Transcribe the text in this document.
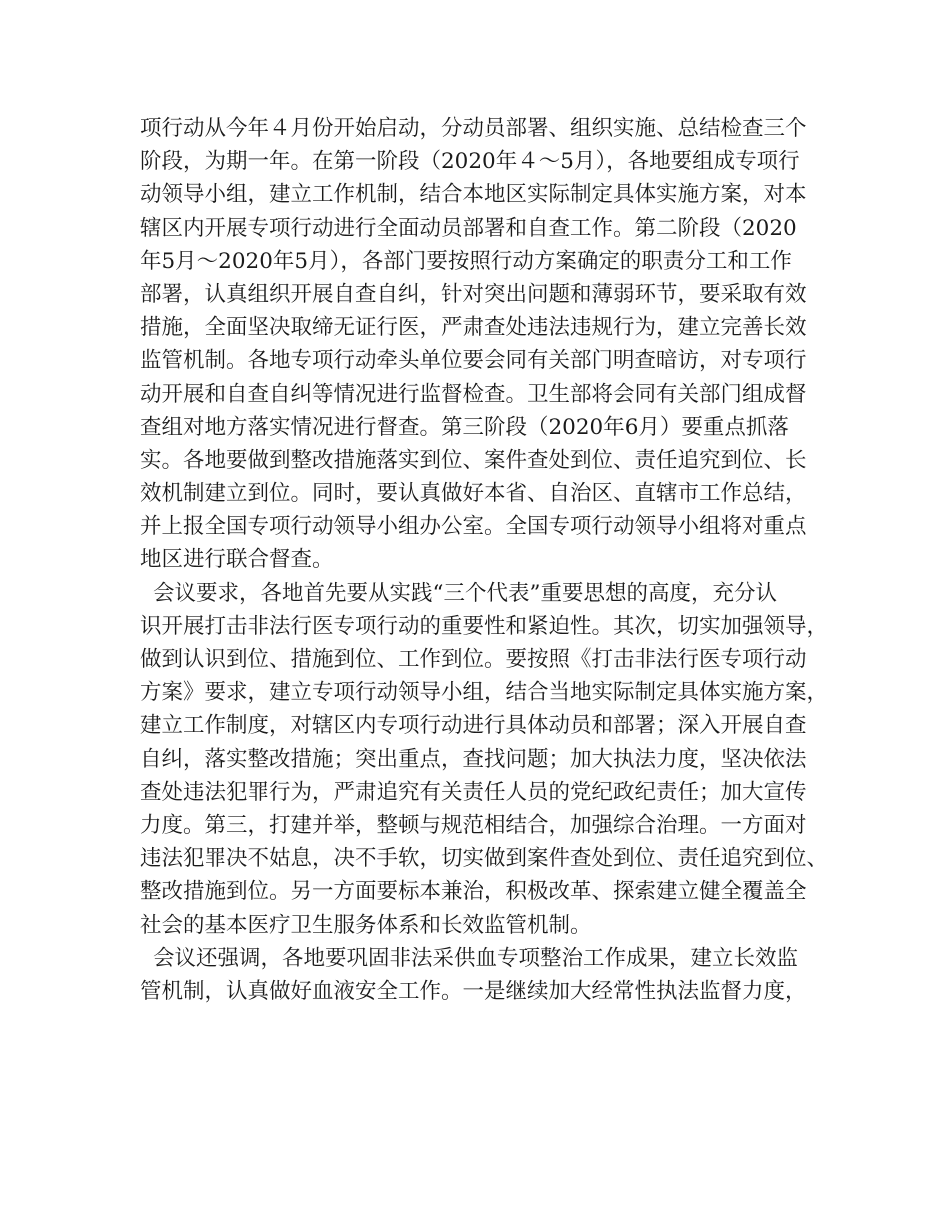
项行动从今年４月份开始启动，分动员部署、组织实施、总结检查三个
阶段，为期一年。在第一阶段（2020年４～5月），各地要组成专项行
动领导小组，建立工作机制，结合本地区实际制定具体实施方案，对本
辖区内开展专项行动进行全面动员部署和自查工作。第二阶段（2020
年5月～2020年5月），各部门要按照行动方案确定的职责分工和工作
部署，认真组织开展自查自纠，针对突出问题和薄弱环节，要采取有效
措施，全面坚决取缔无证行医，严肃查处违法违规行为，建立完善长效
监管机制。各地专项行动牵头单位要会同有关部门明查暗访，对专项行
动开展和自查自纠等情况进行监督检查。卫生部将会同有关部门组成督
查组对地方落实情况进行督查。第三阶段（2020年6月）要重点抓落
实。各地要做到整改措施落实到位、案件查处到位、责任追究到位、长
效机制建立到位。同时，要认真做好本省、自治区、直辖市工作总结，
并上报全国专项行动领导小组办公室。全国专项行动领导小组将对重点
地区进行联合督查。
会议要求，各地首先要从实践“三个代表”重要思想的高度，充分认
识开展打击非法行医专项行动的重要性和紧迫性。其次，切实加强领导，
做到认识到位、措施到位、工作到位。要按照《打击非法行医专项行动
方案》要求，建立专项行动领导小组，结合当地实际制定具体实施方案，
建立工作制度，对辖区内专项行动进行具体动员和部署；深入开展自查
自纠，落实整改措施；突出重点，查找问题；加大执法力度，坚决依法
查处违法犯罪行为，严肃追究有关责任人员的党纪政纪责任；加大宣传
力度。第三，打建并举，整顿与规范相结合，加强综合治理。一方面对
违法犯罪决不姑息，决不手软，切实做到案件查处到位、责任追究到位、
整改措施到位。另一方面要标本兼治，积极改革、探索建立健全覆盖全
社会的基本医疗卫生服务体系和长效监管机制。
会议还强调，各地要巩固非法采供血专项整治工作成果，建立长效监
管机制，认真做好血液安全工作。一是继续加大经常性执法监督力度，
